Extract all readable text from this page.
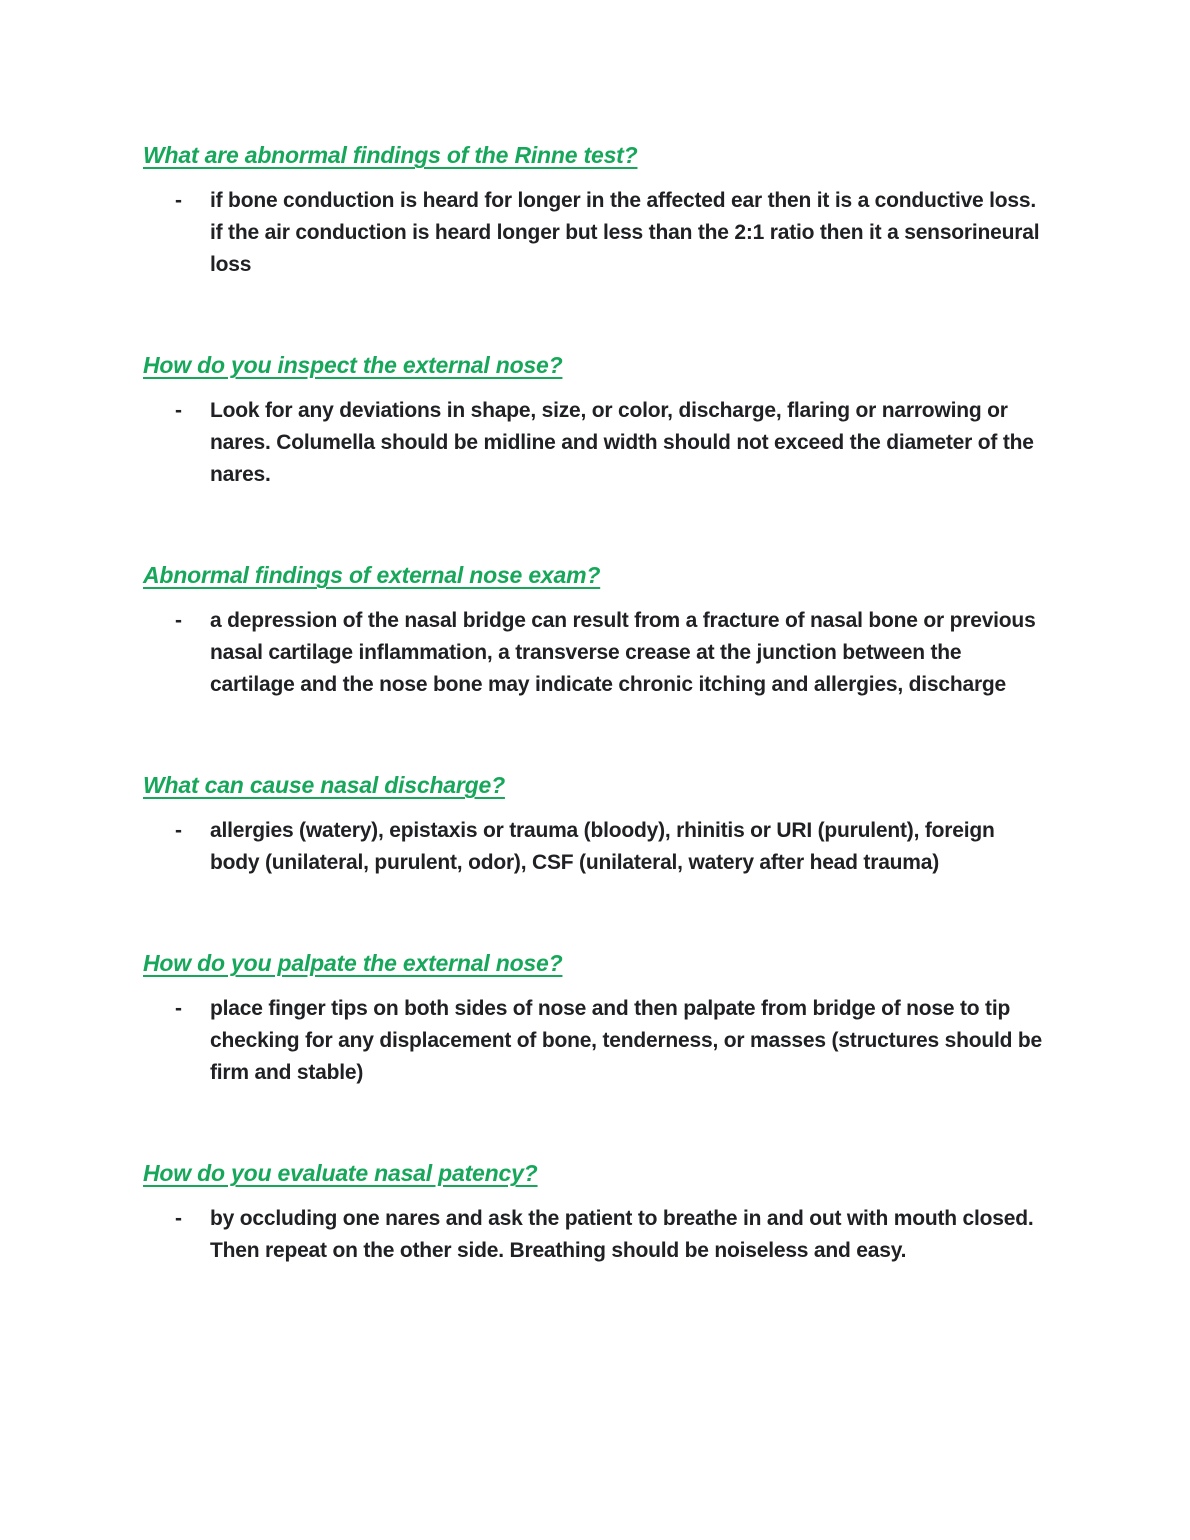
What are abnormal findings of the Rinne test?
-	if bone conduction is heard for longer in the affected ear then it is a conductive loss. if the air conduction is heard longer but less than the 2:1 ratio then it a sensorineural loss
How do you inspect the external nose?
-	Look for any deviations in shape, size, or color, discharge, flaring or narrowing or nares. Columella should be midline and width should not exceed the diameter of the nares.
Abnormal findings of external nose exam?
-	a depression of the nasal bridge can result from a fracture of nasal bone or previous nasal cartilage inflammation, a transverse crease at the junction between the cartilage and the nose bone may indicate chronic itching and allergies, discharge
What can cause nasal discharge?
-	allergies (watery), epistaxis or trauma (bloody), rhinitis or URI (purulent), foreign body (unilateral, purulent, odor), CSF (unilateral, watery after head trauma)
How do you palpate the external nose?
-	place finger tips on both sides of nose and then palpate from bridge of nose to tip checking for any displacement of bone, tenderness, or masses (structures should be firm and stable)
How do you evaluate nasal patency?
-	by occluding one nares and ask the patient to breathe in and out with mouth closed. Then repeat on the other side. Breathing should be noiseless and easy.
